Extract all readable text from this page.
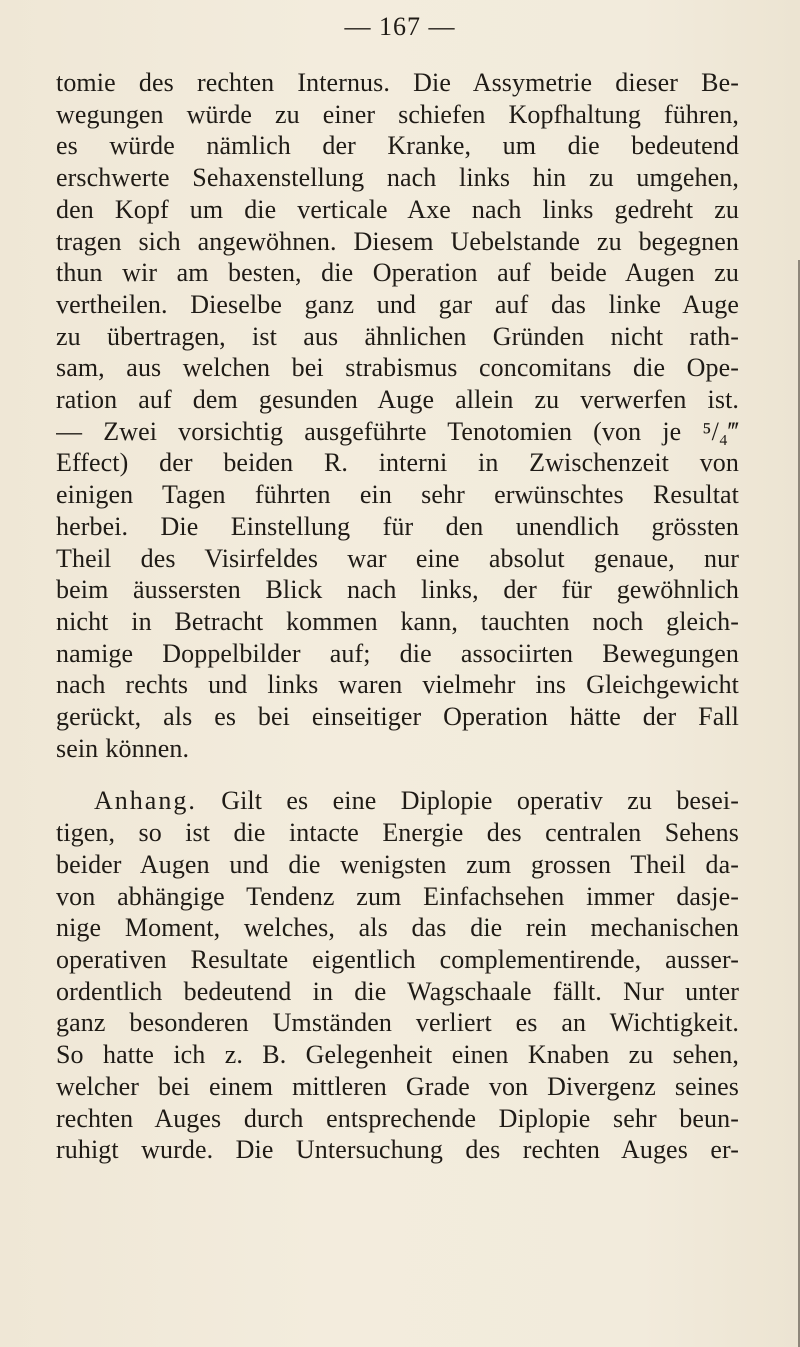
— 167 —
tomie des rechten Internus. Die Assymetrie dieser Be-
wegungen würde zu einer schiefen Kopfhaltung führen,
es würde nämlich der Kranke, um die bedeutend
erschwerte Sehaxenstellung nach links hin zu umgehen,
den Kopf um die verticale Axe nach links gedreht zu
tragen sich angewöhnen. Diesem Uebelstande zu begegnen
thun wir am besten, die Operation auf beide Augen zu
vertheilen. Dieselbe ganz und gar auf das linke Auge
zu übertragen, ist aus ähnlichen Gründen nicht rath-
sam, aus welchen bei strabismus concomitans die Ope-
ration auf dem gesunden Auge allein zu verwerfen ist.
— Zwei vorsichtig ausgeführte Tenotomien (von je ⁵/₄‴
Effect) der beiden R. interni in Zwischenzeit von
einigen Tagen führten ein sehr erwünschtes Resultat
herbei. Die Einstellung für den unendlich grössten
Theil des Visirfeldes war eine absolut genaue, nur
beim äussersten Blick nach links, der für gewöhnlich
nicht in Betracht kommen kann, tauchten noch gleich-
namige Doppelbilder auf; die associirten Bewegungen
nach rechts und links waren vielmehr ins Gleichgewicht
gerückt, als es bei einseitiger Operation hätte der Fall
sein können.
Anhang. Gilt es eine Diplopie operativ zu besei-
tigen, so ist die intacte Energie des centralen Sehens
beider Augen und die wenigsten zum grossen Theil da-
von abhängige Tendenz zum Einfachsehen immer dasje-
nige Moment, welches, als das die rein mechanischen
operativen Resultate eigentlich complementirende, ausser-
ordentlich bedeutend in die Wagschaale fällt. Nur unter
ganz besonderen Umständen verliert es an Wichtigkeit.
So hatte ich z. B. Gelegenheit einen Knaben zu sehen,
welcher bei einem mittleren Grade von Divergenz seines
rechten Auges durch entsprechende Diplopie sehr beun-
ruhigt wurde. Die Untersuchung des rechten Auges er-
